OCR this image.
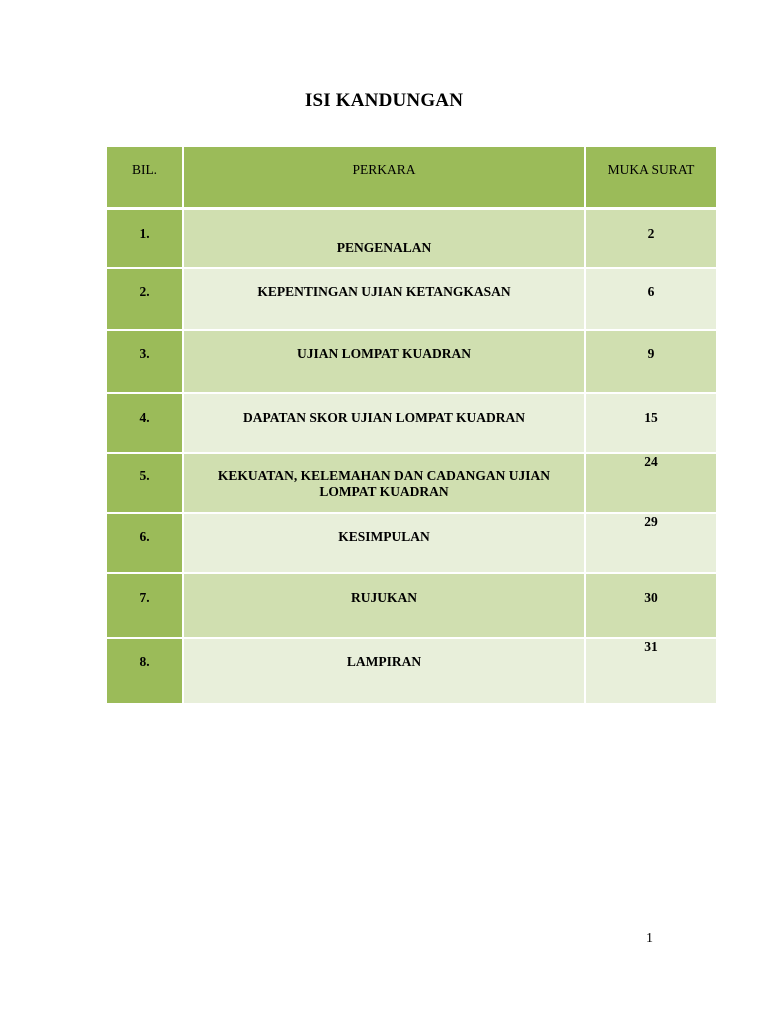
ISI KANDUNGAN
BIL.	PERKARA	MUKA SURAT
1.	PENGENALAN	2
2.	KEPENTINGAN UJIAN KETANGKASAN	6
3.	UJIAN LOMPAT KUADRAN	9
4.	DAPATAN SKOR UJIAN LOMPAT KUADRAN	15
5.	KEKUATAN, KELEMAHAN DAN CADANGAN UJIAN LOMPAT KUADRAN	24
6.	KESIMPULAN	29
7.	RUJUKAN	30
8.	LAMPIRAN	31
1
